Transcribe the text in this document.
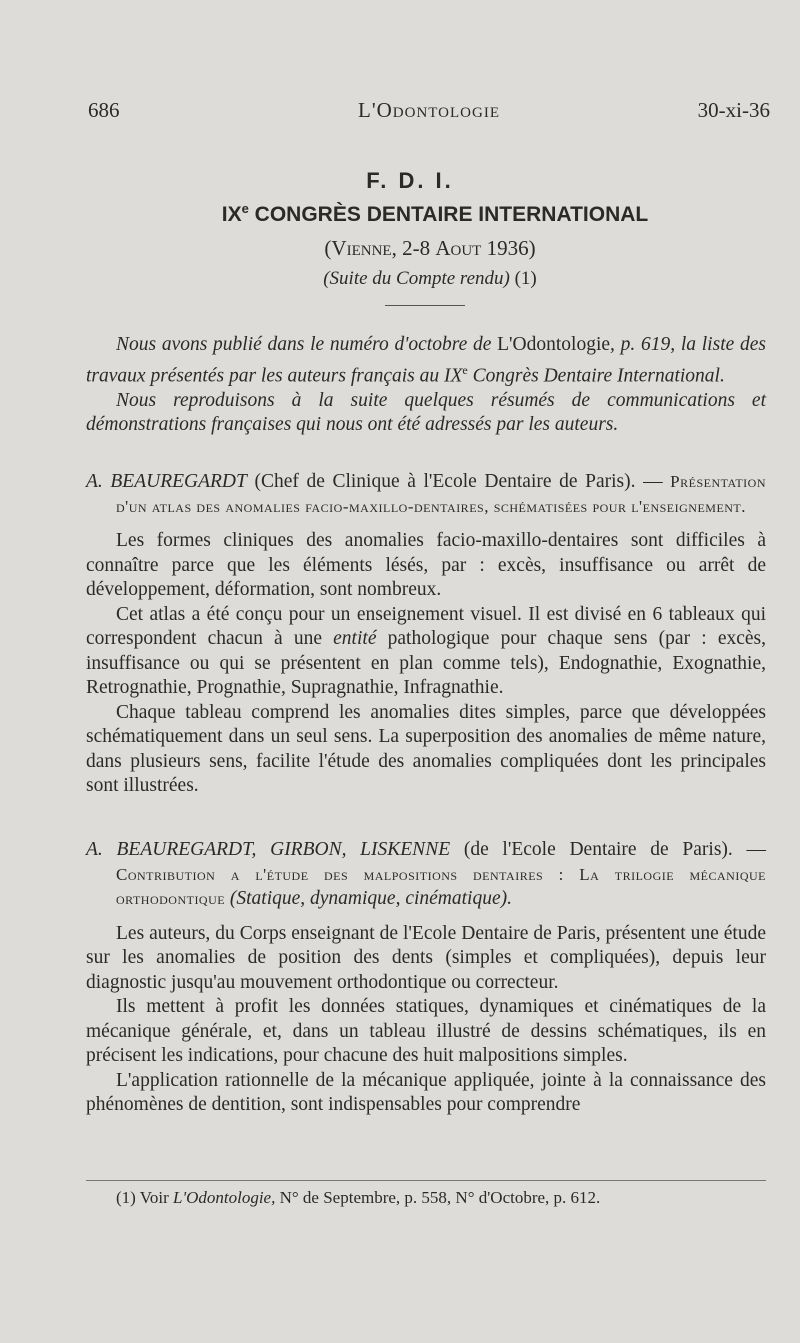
686	L'Odontologie	30-xi-36
F. D. I.
IXe CONGRÈS DENTAIRE INTERNATIONAL
(Vienne, 2-8 Aout 1936)
(Suite du Compte rendu) (1)

Nous avons publié dans le numéro d'octobre de L'Odontologie, p. 619, la liste des travaux présentés par les auteurs français au IXe Congrès Dentaire International.

Nous reproduisons à la suite quelques résumés de communications et démonstrations françaises qui nous ont été adressés par les auteurs.

A. BEAUREGARDT (Chef de Clinique à l'Ecole Dentaire de Paris). — Présentation d'un atlas des anomalies facio-maxillo-dentaires, schématisées pour l'enseignement.

Les formes cliniques des anomalies facio-maxillo-dentaires sont difficiles à connaître parce que les éléments lésés, par : excès, insuffisance ou arrêt de développement, déformation, sont nombreux.

Cet atlas a été conçu pour un enseignement visuel. Il est divisé en 6 tableaux qui correspondent chacun à une entité pathologique pour chaque sens (par : excès, insuffisance ou qui se présentent en plan comme tels), Endognathie, Exognathie, Retrognathie, Prognathie, Supragnathie, Infragnathie.

Chaque tableau comprend les anomalies dites simples, parce que développées schématiquement dans un seul sens. La superposition des anomalies de même nature, dans plusieurs sens, facilite l'étude des anomalies compliquées dont les principales sont illustrées.

A. BEAUREGARDT, GIRBON, LISKENNE (de l'Ecole Dentaire de Paris). — Contribution a l'étude des malpositions dentaires : La trilogie mécanique orthodontique (Statique, dynamique, cinématique).

Les auteurs, du Corps enseignant de l'Ecole Dentaire de Paris, présentent une étude sur les anomalies de position des dents (simples et compliquées), depuis leur diagnostic jusqu'au mouvement orthodontique ou correcteur.

Ils mettent à profit les données statiques, dynamiques et cinématiques de la mécanique générale, et, dans un tableau illustré de dessins schématiques, ils en précisent les indications, pour chacune des huit malpositions simples.

L'application rationnelle de la mécanique appliquée, jointe à la connaissance des phénomènes de dentition, sont indispensables pour comprendre

(1) Voir L'Odontologie, N° de Septembre, p. 558, N° d'Octobre, p. 612.
